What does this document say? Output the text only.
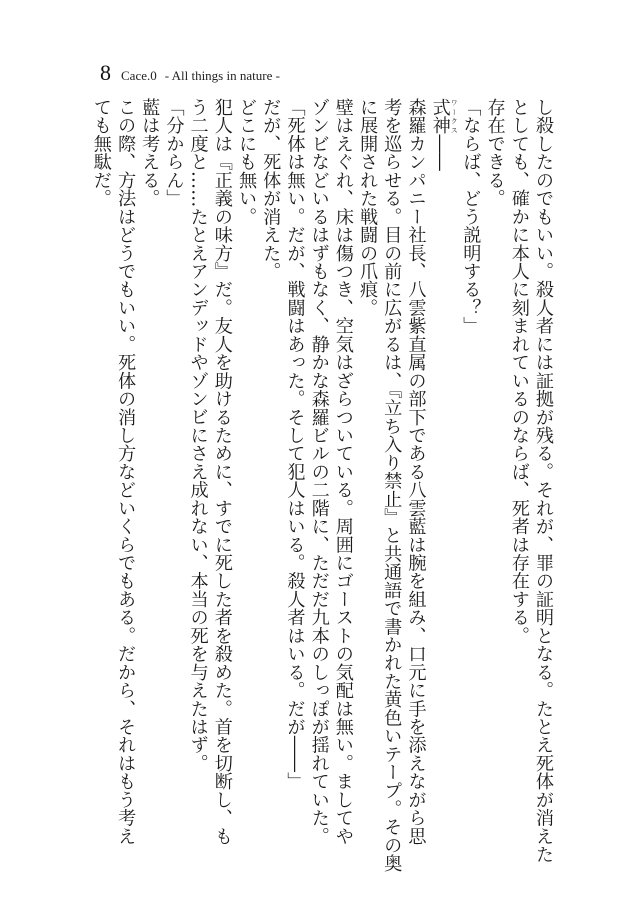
8 Cace.0 - All things in nature -

し殺したのでもいい。殺人者には証拠が残る。それが、罪の証明となる。たとえ死体が消えた

としても、確かに本人に刻まれているのならば、死者は存在する。

存在できる。

「ならば、どう説明する？」

式神 ワークス――

森羅カンパニー社長、八雲紫直属の部下である八雲藍は腕を組み、口元に手を添えながら思

考を巡らせる。目の前に広がるは、『立ち入り禁止』と共通語で書かれた黄色いテープ。その奥

に展開された戦闘の爪痕。

壁はえぐれ、床は傷つき、空気はざらついている。周囲にゴーストの気配は無い。ましてや

ゾンビなどいるはずもなく、静かな森羅ビルの二階に、ただだ九本のしっぽが揺れていた。

「死体は無い。だが、戦闘はあった。そして犯人はいる。殺人者はいる。だが――」

だが、死体が消えた。

どこにも無い。

犯人は『正義の味方』だ。友人を助けるために、すでに死した者を殺めた。首を切断し、も

う二度と……たとえアンデッドやゾンビにさえ成れない、本当の死を与えたはず。

「分からん」

藍は考える。

この際、方法はどうでもいい。死体の消し方などいくらでもある。だから、それはもう考え

ても無駄だ。
